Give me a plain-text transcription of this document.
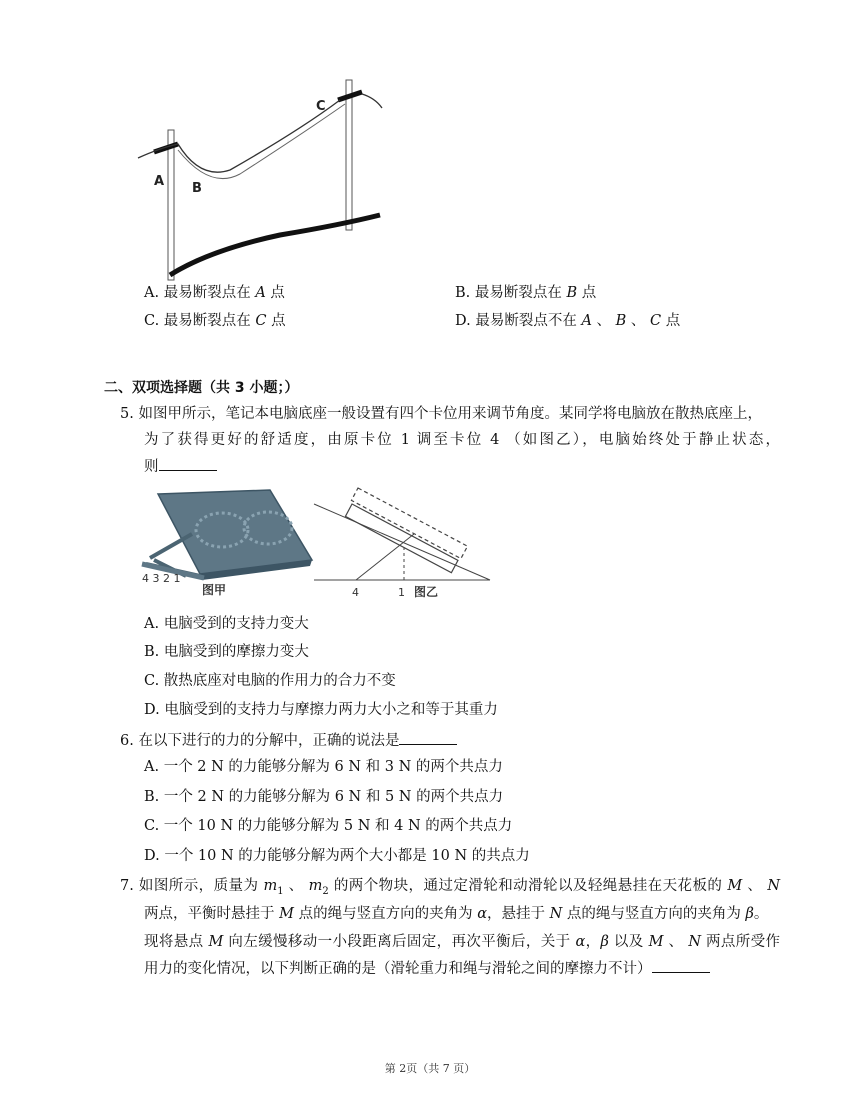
A B
C
A. 最易断裂点在 A 点	B. 最易断裂点在 B 点
C. 最易断裂点在 C 点	D. 最易断裂点不在 A 、 B 、 C 点
二、双项选择题（共 3 小题；）
5. 如图甲所示，笔记本电脑底座一般设置有四个卡位用来调节角度。某同学将电脑放在散热底座上，
为了获得更好的舒适度，由原卡位 1 调至卡位 4 （如图乙），电脑始终处于静止状态，
则
4 3 2 1
图甲	4	1 图乙
A. 电脑受到的支持力变大
B. 电脑受到的摩擦力变大
C. 散热底座对电脑的作用力的合力不变
D. 电脑受到的支持力与摩擦力两力大小之和等于其重力
6. 在以下进行的力的分解中，正确的说法是
A. 一个 2 N 的力能够分解为 6 N 和 3 N 的两个共点力
B. 一个 2 N 的力能够分解为 6 N 和 5 N 的两个共点力
C. 一个 10 N 的力能够分解为 5 N 和 4 N 的两个共点力
D. 一个 10 N 的力能够分解为两个大小都是 10 N 的共点力
7. 如图所示，质量为 $m_1$ 、 $m_2$ 的两个物块，通过定滑轮和动滑轮以及轻绳悬挂在天花板的 M 、 N
两点，平衡时悬挂于 M 点的绳与竖直方向的夹角为 α，悬挂于 N 点的绳与竖直方向的夹角为 β。
现将悬点 M 向左缓慢移动一小段距离后固定，再次平衡后，关于 α，β 以及 M 、 N 两点所受作
用力的变化情况，以下判断正确的是（滑轮重力和绳与滑轮之间的摩擦力不计）
第 2页（共 7 页）
